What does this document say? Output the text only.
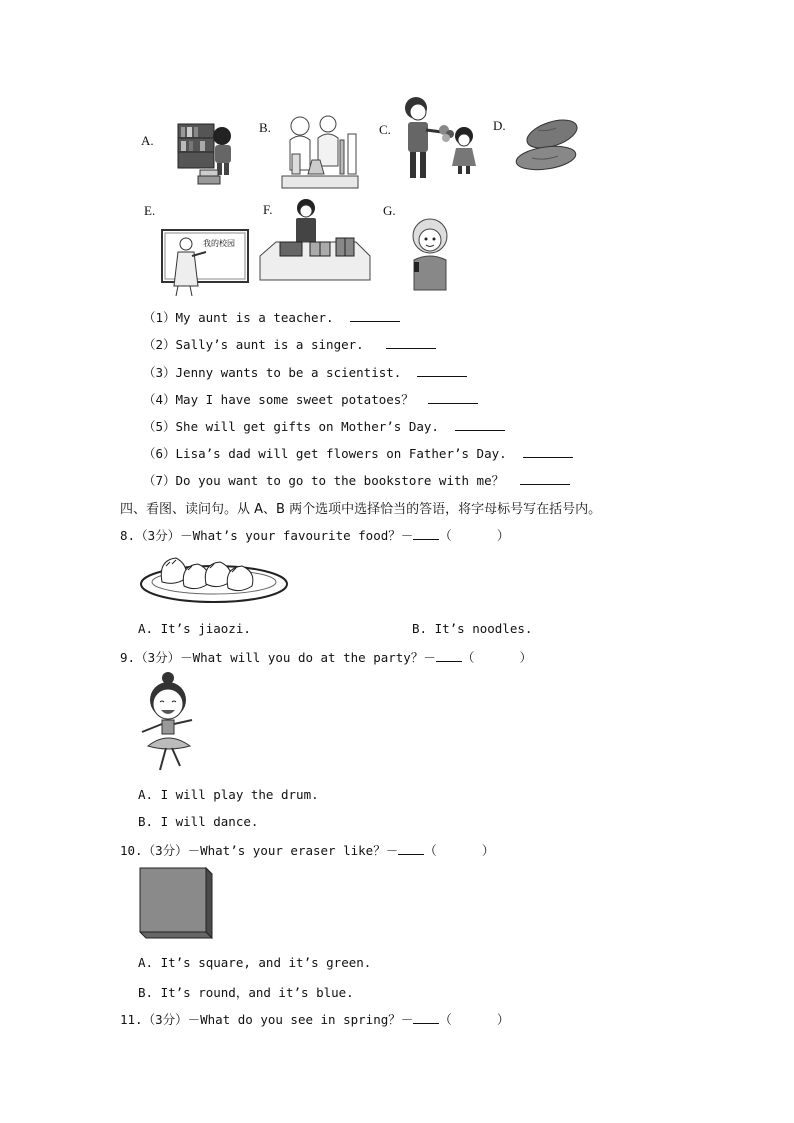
A.
B.	C.	D.
E.	F.	G.
我的校园
（1）My aunt is a teacher.
（2）Sally’s aunt is a singer.
（3）Jenny wants to be a scientist.
（4）May I have some sweet potatoes？
（5）She will get gifts on Mother’s Day.
（6）Lisa’s dad will get flowers on Father’s Day.
（7）Do you want to go to the bookstore with me？
四、看图、读问句。从 A、B 两个选项中选择恰当的答语，将字母标号写在括号内。
8.（3分）－What’s your favourite food？－ （      ）
A. It’s jiaozi.	B. It’s noodles.
9.（3分）－What will you do at the party？－ （      ）
A. I will play the drum.
B. I will dance.
10.（3分）－What’s your eraser like？－ （      ）
A. It’s square, and it’s green.
B. It’s round，and it’s blue.
11.（3分）－What do you see in spring？－ （      ）
